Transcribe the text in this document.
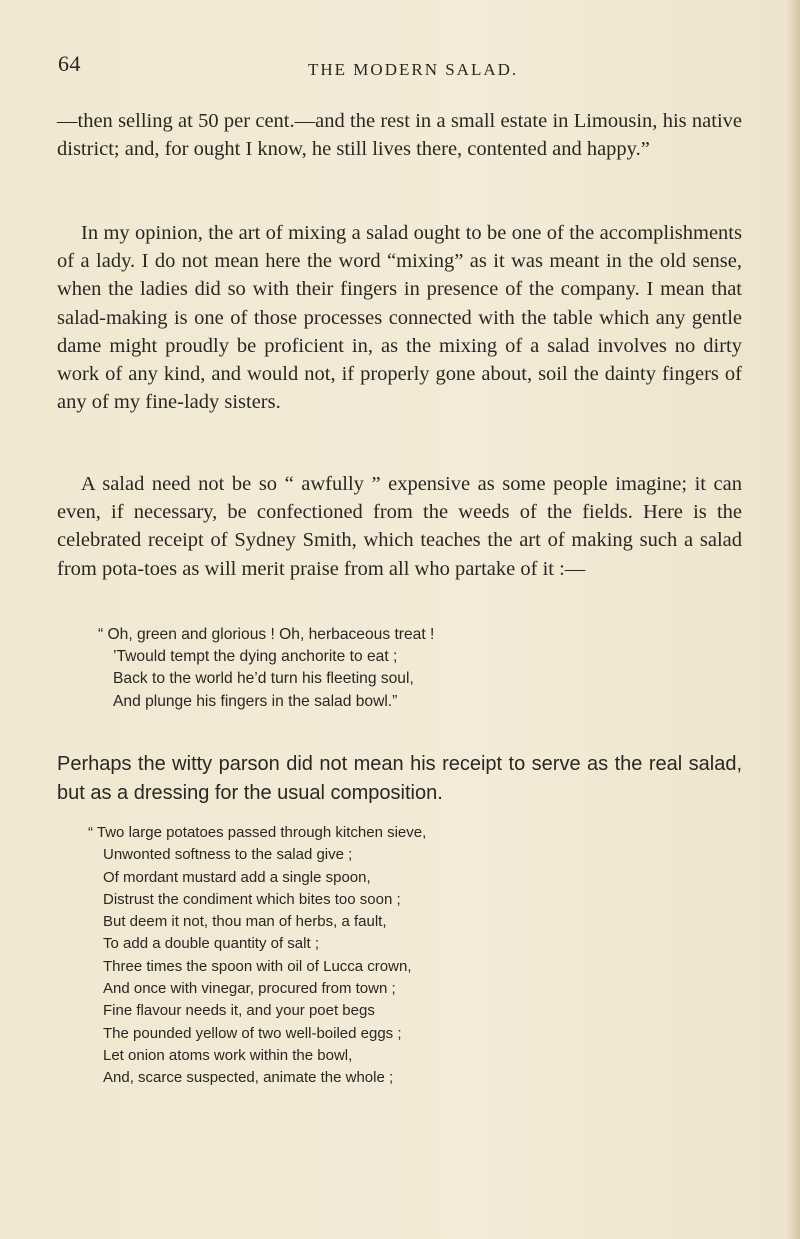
64	THE MODERN SALAD.

—then selling at 50 per cent.—and the rest in a small estate in Limousin, his native district; and, for ought I know, he still lives there, contented and happy.”

In my opinion, the art of mixing a salad ought to be one of the accomplishments of a lady. I do not mean here the word “mixing” as it was meant in the old sense, when the ladies did so with their fingers in presence of the company. I mean that salad-making is one of those processes connected with the table which any gentle dame might proudly be proficient in, as the mixing of a salad involves no dirty work of any kind, and would not, if properly gone about, soil the dainty fingers of any of my fine-lady sisters.

A salad need not be so “ awfully ” expensive as some people imagine; it can even, if necessary, be confectioned from the weeds of the fields. Here is the celebrated receipt of Sydney Smith, which teaches the art of making such a salad from pota-toes as will merit praise from all who partake of it :—

“ Oh, green and glorious ! Oh, herbaceous treat !
’Twould tempt the dying anchorite to eat ;
Back to the world he’d turn his fleeting soul,
And plunge his fingers in the salad bowl.”

Perhaps the witty parson did not mean his receipt to serve as the real salad, but as a dressing for the usual composition.

“ Two large potatoes passed through kitchen sieve,
Unwonted softness to the salad give ;
Of mordant mustard add a single spoon,
Distrust the condiment which bites too soon ;
But deem it not, thou man of herbs, a fault,
To add a double quantity of salt ;
Three times the spoon with oil of Lucca crown,
And once with vinegar, procured from town ;
Fine flavour needs it, and your poet begs
The pounded yellow of two well-boiled eggs ;
Let onion atoms work within the bowl,
And, scarce suspected, animate the whole ;
